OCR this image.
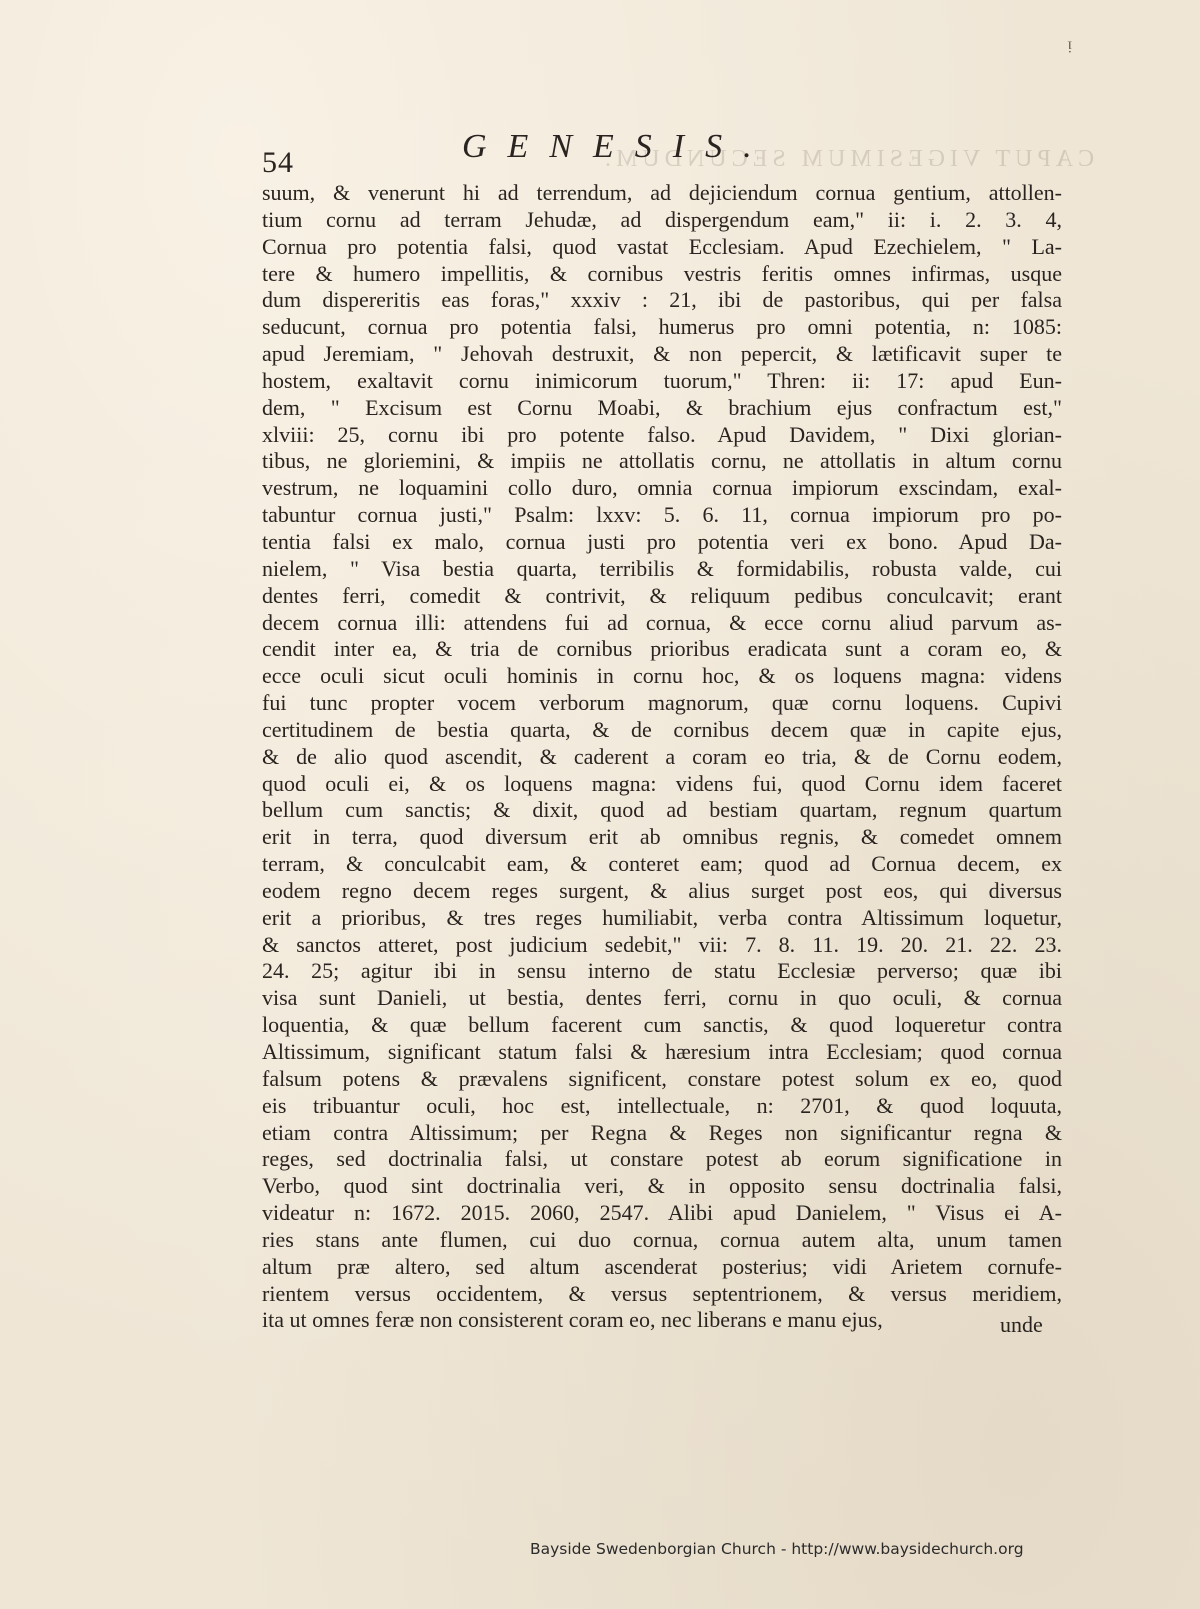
ᴉ
CAPUT VIGESIMUM SECUNDUM.
54	GENESIS.
suum, & venerunt hi ad terrendum, ad dejiciendum cornua gentium, attollen-
tium cornu ad terram Jehudæ, ad dispergendum eam," ii: i. 2. 3. 4,
Cornua pro potentia falsi, quod vastat Ecclesiam. Apud Ezechielem, " La-
tere & humero impellitis, & cornibus vestris feritis omnes infirmas, usque
dum dispereritis eas foras," xxxiv : 21, ibi de pastoribus, qui per falsa
seducunt, cornua pro potentia falsi, humerus pro omni potentia, n: 1085:
apud Jeremiam, " Jehovah destruxit, & non pepercit, & lætificavit super te
hostem, exaltavit cornu inimicorum tuorum," Thren: ii: 17: apud Eun-
dem, " Excisum est Cornu Moabi, & brachium ejus confractum est,"
xlviii: 25, cornu ibi pro potente falso. Apud Davidem, " Dixi glorian-
tibus, ne gloriemini, & impiis ne attollatis cornu, ne attollatis in altum cornu
vestrum, ne loquamini collo duro, omnia cornua impiorum exscindam, exal-
tabuntur cornua justi," Psalm: lxxv: 5. 6. 11, cornua impiorum pro po-
tentia falsi ex malo, cornua justi pro potentia veri ex bono. Apud Da-
nielem, " Visa bestia quarta, terribilis & formidabilis, robusta valde, cui
dentes ferri, comedit & contrivit, & reliquum pedibus conculcavit; erant
decem cornua illi: attendens fui ad cornua, & ecce cornu aliud parvum as-
cendit inter ea, & tria de cornibus prioribus eradicata sunt a coram eo, &
ecce oculi sicut oculi hominis in cornu hoc, & os loquens magna: videns
fui tunc propter vocem verborum magnorum, quæ cornu loquens. Cupivi
certitudinem de bestia quarta, & de cornibus decem quæ in capite ejus,
& de alio quod ascendit, & caderent a coram eo tria, & de Cornu eodem,
quod oculi ei, & os loquens magna: videns fui, quod Cornu idem faceret
bellum cum sanctis; & dixit, quod ad bestiam quartam, regnum quartum
erit in terra, quod diversum erit ab omnibus regnis, & comedet omnem
terram, & conculcabit eam, & conteret eam; quod ad Cornua decem, ex
eodem regno decem reges surgent, & alius surget post eos, qui diversus
erit a prioribus, & tres reges humiliabit, verba contra Altissimum loquetur,
& sanctos atteret, post judicium sedebit," vii: 7. 8. 11. 19. 20. 21. 22. 23.
24. 25; agitur ibi in sensu interno de statu Ecclesiæ perverso; quæ ibi
visa sunt Danieli, ut bestia, dentes ferri, cornu in quo oculi, & cornua
loquentia, & quæ bellum facerent cum sanctis, & quod loqueretur contra
Altissimum, significant statum falsi & hæresium intra Ecclesiam; quod cornua
falsum potens & prævalens significent, constare potest solum ex eo, quod
eis tribuantur oculi, hoc est, intellectuale, n: 2701, & quod loquuta,
etiam contra Altissimum; per Regna & Reges non significantur regna &
reges, sed doctrinalia falsi, ut constare potest ab eorum significatione in
Verbo, quod sint doctrinalia veri, & in opposito sensu doctrinalia falsi,
videatur n: 1672. 2015. 2060, 2547. Alibi apud Danielem, " Visus ei A-
ries stans ante flumen, cui duo cornua, cornua autem alta, unum tamen
altum præ altero, sed altum ascenderat posterius; vidi Arietem cornufe-
rientem versus occidentem, & versus septentrionem, & versus meridiem,
ita ut omnes feræ non consisterent coram eo, nec liberans e manu ejus,	unde
Bayside Swedenborgian Church - http://www.baysidechurch.org
